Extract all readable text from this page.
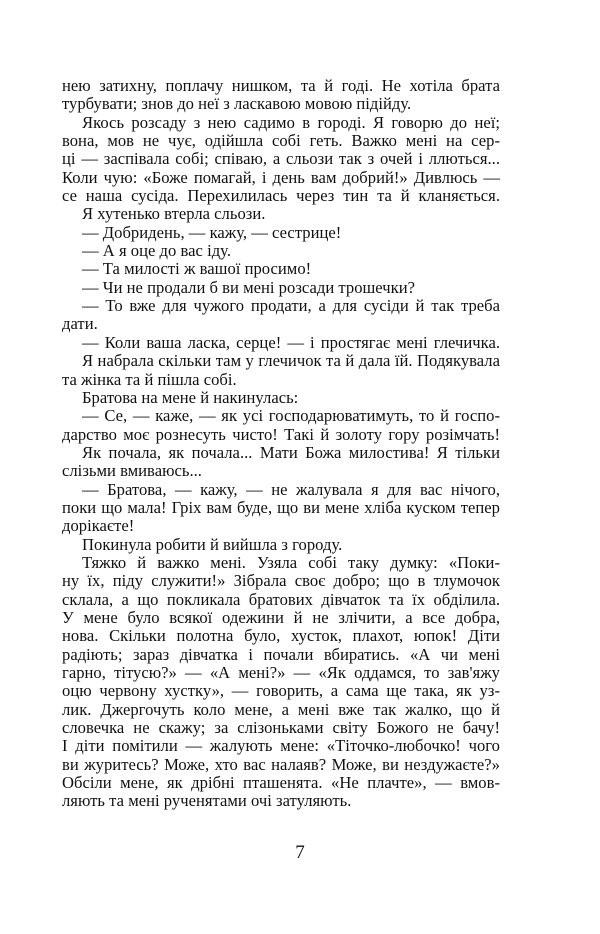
нею затихну, поплачу нишком, та й годі. Не хотіла брата
турбувати; знов до неї з ласкавою мовою підійду.
Якось розсаду з нею садимо в городі. Я говорю до неї;
вона, мов не чує, одійшла собі геть. Важко мені на сер-
ці — заспівала собі; співаю, а сльози так з очей і ллються...
Коли чую: «Боже помагай, і день вам добрий!» Дивлюсь —
се наша сусіда. Перехилилась через тин та й кланяється.
Я хутенько втерла сльози.
— Добридень, — кажу, — сестрице!
— А я оце до вас іду.
— Та милості ж вашої просимо!
— Чи не продали б ви мені розсади трошечки?
— То вже для чужого продати, а для сусіди й так треба
дати.
— Коли ваша ласка, серце! — і простягає мені глечичка.
Я набрала скільки там у глечичок та й дала їй. Подякувала
та жінка та й пішла собі.
Братова на мене й накинулась:
— Се, — каже, — як усі господарюватимуть, то й госпо-
дарство моє рознесуть чисто! Такі й золоту гору розімчать!
Як почала, як почала... Мати Божа милостива! Я тільки
слізьми вмиваюсь...
— Братова, — кажу, — не жалувала я для вас нічого,
поки що мала! Гріх вам буде, що ви мене хліба куском тепер
дорікаєте!
Покинула робити й вийшла з городу.
Тяжко й важко мені. Узяла собі таку думку: «Поки-
ну їх, піду служити!» Зібрала своє добро; що в тлумочок
склала, а що покликала братових дівчаток та їх обділила.
У мене було всякої одежини й не злічити, а все добра,
нова. Скільки полотна було, хусток, плахот, юпок! Діти
радіють; зараз дівчатка і почали вбиратись. «А чи мені
гарно, тітусю?» — «А мені?» — «Як оддамся, то зав'яжу
оцю червону хустку», — говорить, а сама ще така, як уз-
лик. Джергочуть коло мене, а мені вже так жалко, що й
словечка не скажу; за слізоньками світу Божого не бачу!
І діти помітили — жалують мене: «Тіточко-любочко! чого
ви журитесь? Може, хто вас налаяв? Може, ви нездужаєте?»
Обсіли мене, як дрібні пташенята. «Не плачте», — вмов-
ляють та мені рученятами очі затуляють.
7
